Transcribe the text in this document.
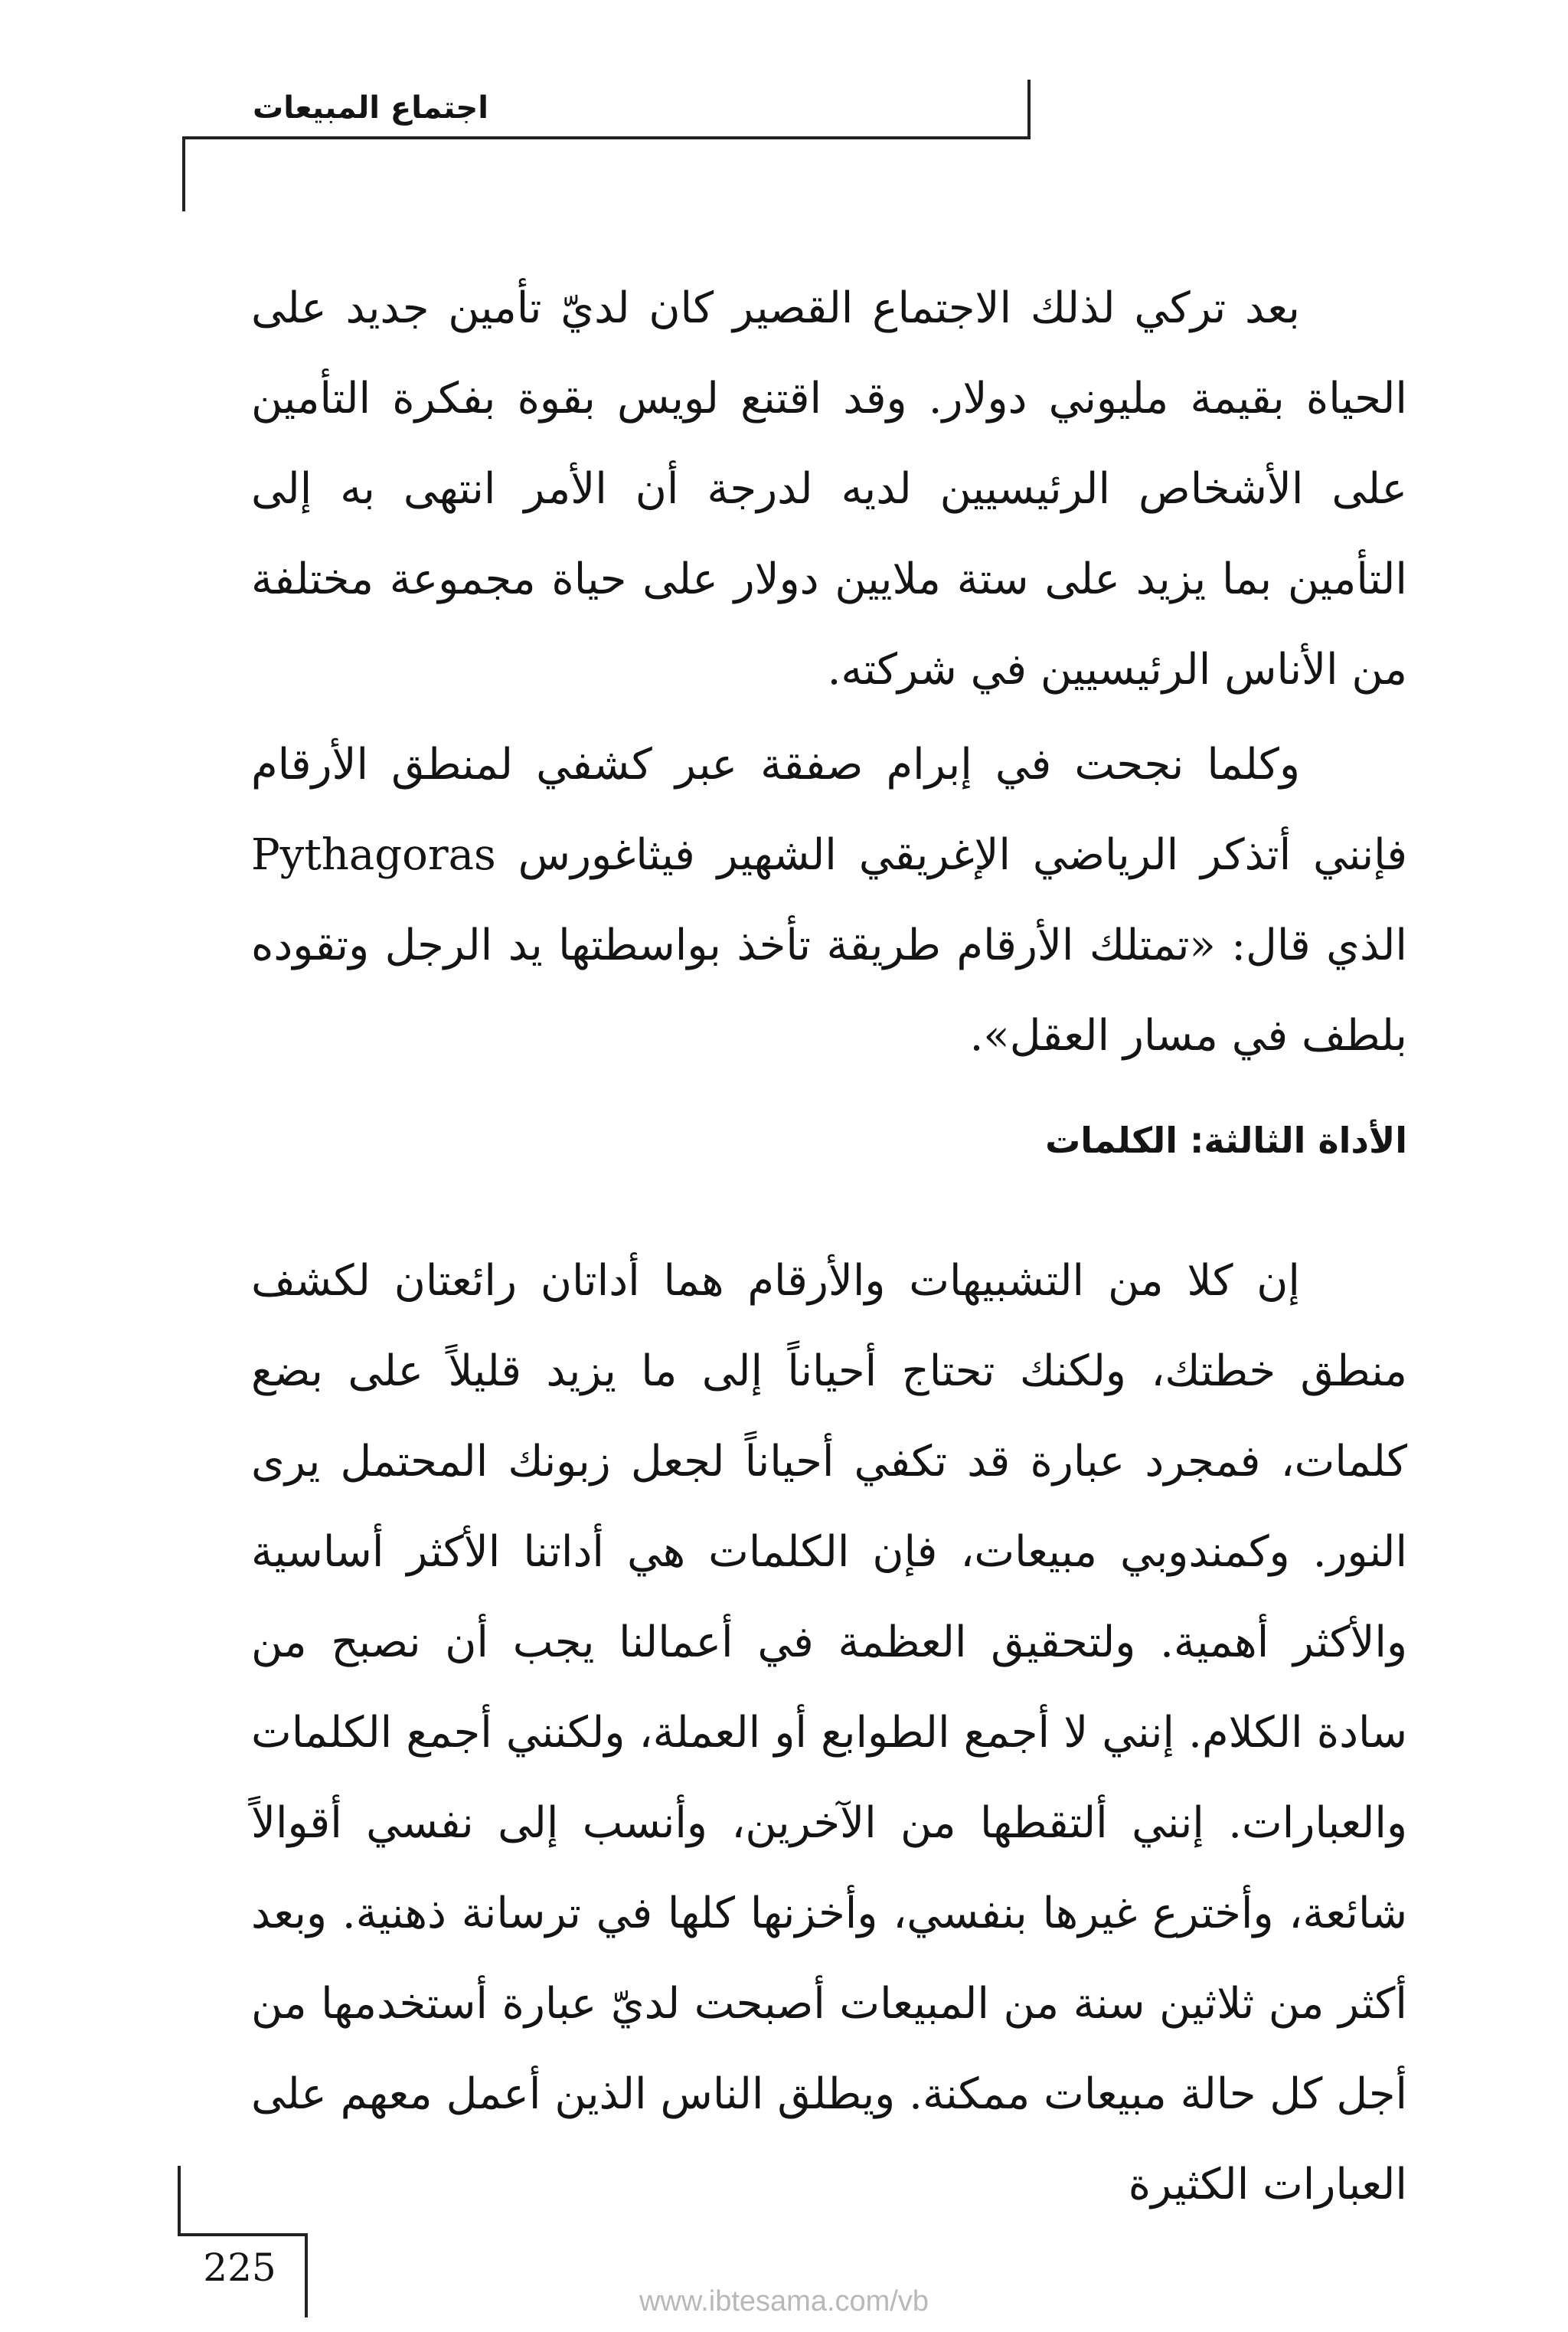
اجتماع المبيعات

بعد تركي لذلك الاجتماع القصير كان لديّ تأمين جديد على الحياة بقيمة مليوني دولار. وقد اقتنع لويس بقوة بفكرة التأمين على الأشخاص الرئيسيين لديه لدرجة أن الأمر انتهى به إلى التأمين بما يزيد على ستة ملايين دولار على حياة مجموعة مختلفة من الأناس الرئيسيين في شركته.

وكلما نجحت في إبرام صفقة عبر كشفي لمنطق الأرقام فإنني أتذكر الرياضي الإغريقي الشهير فيثاغورس Pythagoras الذي قال: «تمتلك الأرقام طريقة تأخذ بواسطتها يد الرجل وتقوده بلطف في مسار العقل».

الأداة الثالثة: الكلمات

إن كلا من التشبيهات والأرقام هما أداتان رائعتان لكشف منطق خطتك، ولكنك تحتاج أحياناً إلى ما يزيد قليلاً على بضع كلمات، فمجرد عبارة قد تكفي أحياناً لجعل زبونك المحتمل يرى النور. وكمندوبي مبيعات، فإن الكلمات هي أداتنا الأكثر أساسية والأكثر أهمية. ولتحقيق العظمة في أعمالنا يجب أن نصبح من سادة الكلام. إنني لا أجمع الطوابع أو العملة، ولكنني أجمع الكلمات والعبارات. إنني ألتقطها من الآخرين، وأنسب إلى نفسي أقوالاً شائعة، وأخترع غيرها بنفسي، وأخزنها كلها في ترسانة ذهنية. وبعد أكثر من ثلاثين سنة من المبيعات أصبحت لديّ عبارة أستخدمها من أجل كل حالة مبيعات ممكنة. ويطلق الناس الذين أعمل معهم على العبارات الكثيرة

225
www.ibtesama.com/vb
